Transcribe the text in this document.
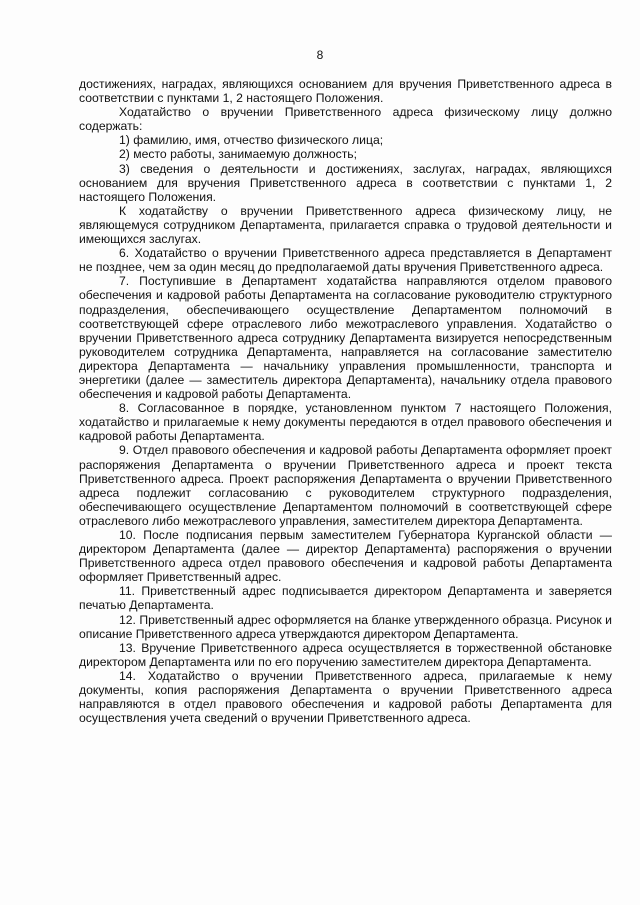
8

достижениях, наградах, являющихся основанием для вручения Приветственного адреса в соответствии с пунктами 1, 2 настоящего Положения.

Ходатайство о вручении Приветственного адреса физическому лицу должно содержать:

1) фамилию, имя, отчество физического лица;

2) место работы, занимаемую должность;

3) сведения о деятельности и достижениях, заслугах, наградах, являющихся основанием для вручения Приветственного адреса в соответствии с пунктами 1, 2 настоящего Положения.

К ходатайству о вручении Приветственного адреса физическому лицу, не являющемуся сотрудником Департамента, прилагается справка о трудовой деятельности и имеющихся заслугах.

6. Ходатайство о вручении Приветственного адреса представляется в Департамент не позднее, чем за один месяц до предполагаемой даты вручения Приветственного адреса.

7. Поступившие в Департамент ходатайства направляются отделом правового обеспечения и кадровой работы Департамента на согласование руководителю структурного подразделения, обеспечивающего осуществление Департаментом полномочий в соответствующей сфере отраслевого либо межотраслевого управления. Ходатайство о вручении Приветственного адреса сотруднику Департамента визируется непосредственным руководителем сотрудника Департамента, направляется на согласование заместителю директора Департамента — начальнику управления промышленности, транспорта и энергетики (далее — заместитель директора Департамента), начальнику отдела правового обеспечения и кадровой работы Департамента.

8. Согласованное в порядке, установленном пунктом 7 настоящего Положения, ходатайство и прилагаемые к нему документы передаются в отдел правового обеспечения и кадровой работы Департамента.

9. Отдел правового обеспечения и кадровой работы Департамента оформляет проект распоряжения Департамента о вручении Приветственного адреса и проект текста Приветственного адреса. Проект распоряжения Департамента о вручении Приветственного адреса подлежит согласованию с руководителем структурного подразделения, обеспечивающего осуществление Департаментом полномочий в соответствующей сфере отраслевого либо межотраслевого управления, заместителем директора Департамента.

10. После подписания первым заместителем Губернатора Курганской области — директором Департамента (далее — директор Департамента) распоряжения о вручении Приветственного адреса отдел правового обеспечения и кадровой работы Департамента оформляет Приветственный адрес.

11. Приветственный адрес подписывается директором Департамента и заверяется печатью Департамента.

12. Приветственный адрес оформляется на бланке утвержденного образца. Рисунок и описание Приветственного адреса утверждаются директором Департамента.

13. Вручение Приветственного адреса осуществляется в торжественной обстановке директором Департамента или по его поручению заместителем директора Департамента.

14. Ходатайство о вручении Приветственного адреса, прилагаемые к нему документы, копия распоряжения Департамента о вручении Приветственного адреса направляются в отдел правового обеспечения и кадровой работы Департамента для осуществления учета сведений о вручении Приветственного адреса.
